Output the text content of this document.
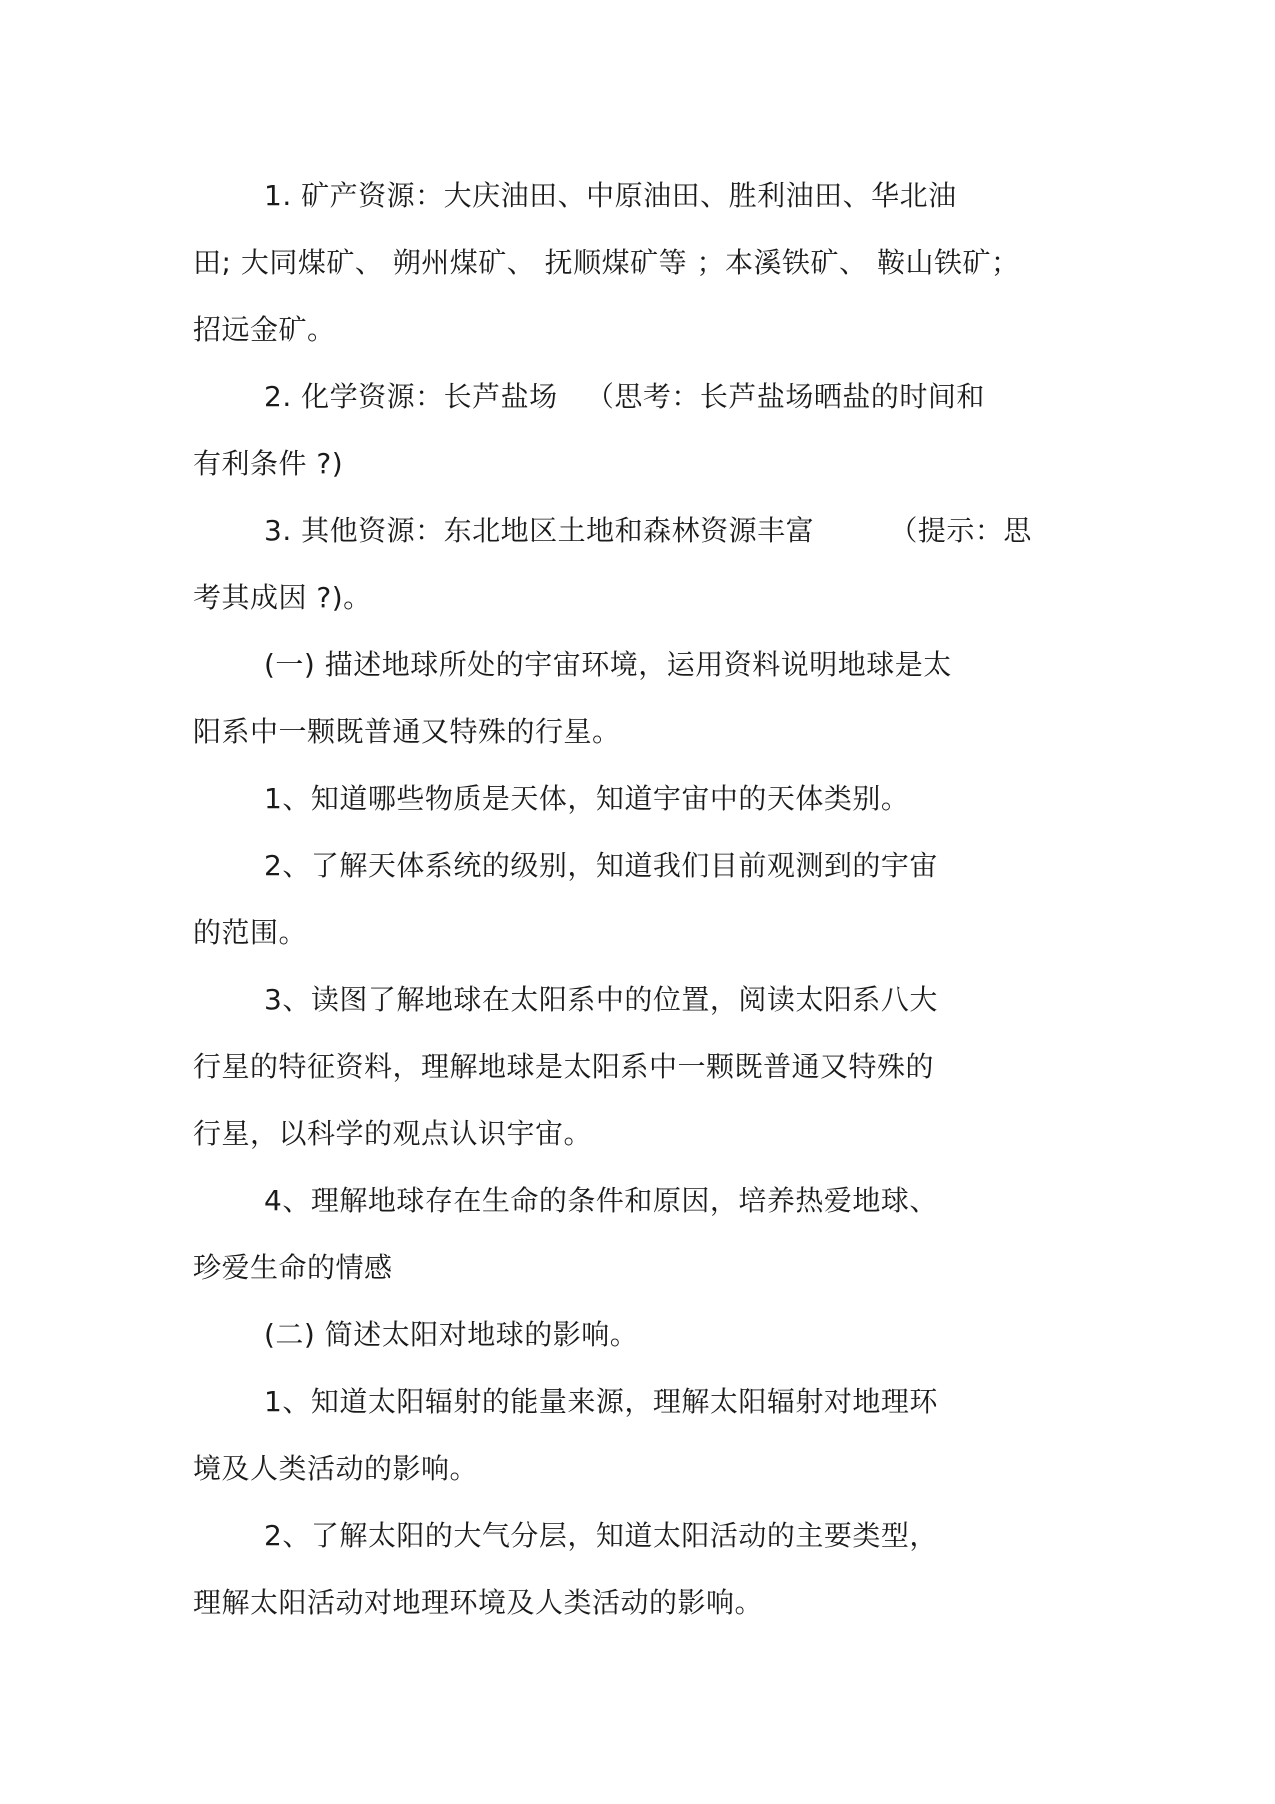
1. 矿产资源：大庆油田、中原油田、胜利油田、华北油
田; 大同煤矿、 朔州煤矿、 抚顺煤矿等 ；本溪铁矿、 鞍山铁矿；
招远金矿。
2. 化学资源：长芦盐场   （思考：长芦盐场晒盐的时间和
有利条件 ?)
3. 其他资源：东北地区土地和森林资源丰富        （提示：思
考其成因 ?)。
(一) 描述地球所处的宇宙环境，运用资料说明地球是太
阳系中一颗既普通又特殊的行星。
1、知道哪些物质是天体，知道宇宙中的天体类别。
2、了解天体系统的级别，知道我们目前观测到的宇宙
的范围。
3、读图了解地球在太阳系中的位置，阅读太阳系八大
行星的特征资料，理解地球是太阳系中一颗既普通又特殊的
行星，以科学的观点认识宇宙。
4、理解地球存在生命的条件和原因，培养热爱地球、
珍爱生命的情感
(二) 简述太阳对地球的影响。
1、知道太阳辐射的能量来源，理解太阳辐射对地理环
境及人类活动的影响。
2、了解太阳的大气分层，知道太阳活动的主要类型，
理解太阳活动对地理环境及人类活动的影响。
